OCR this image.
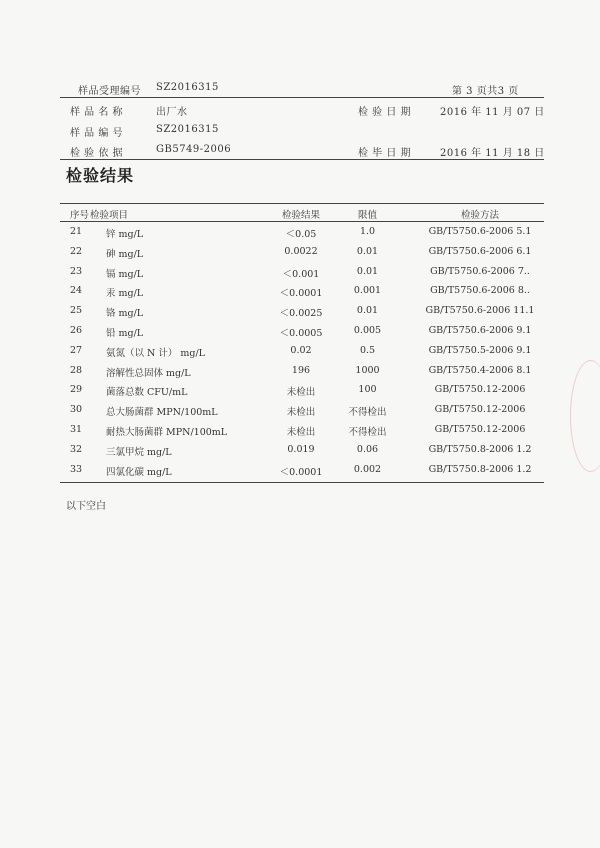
样品受理编号 SZ2016315	第 3 页共3 页
样 品 名 称	出厂水	检 验 日 期	2016 年 11 月 07 日
样 品 编 号	SZ2016315
检 验 依 据	GB5749-2006	检 毕 日 期	2016 年 11 月 18 日
检验结果
序号 检验项目	检验结果	限值	检验方法
21	锌 mg/L	＜0.05	1.0	GB/T5750.6-2006 5.1
22	砷 mg/L	0.0022	0.01	GB/T5750.6-2006 6.1
23	镉 mg/L	＜0.001	0.01	GB/T5750.6-2006 7..
24	汞 mg/L	＜0.0001	0.001	GB/T5750.6-2006 8..
25	铬 mg/L	＜0.0025	0.01	GB/T5750.6-2006 11.1
26	铅 mg/L	＜0.0005	0.005	GB/T5750.6-2006 9.1
27	氨氮（以 N 计） mg/L	0.02	0.5	GB/T5750.5-2006 9.1
28	溶解性总固体 mg/L	196	1000	GB/T5750.4-2006 8.1
29	菌落总数 CFU/mL	未检出	100	GB/T5750.12-2006
30	总大肠菌群 MPN/100mL	未检出	不得检出	GB/T5750.12-2006
31	耐热大肠菌群 MPN/100mL	未检出	不得检出	GB/T5750.12-2006
32	三氯甲烷 mg/L	0.019	0.06	GB/T5750.8-2006 1.2
33	四氯化碳 mg/L	＜0.0001	0.002	GB/T5750.8-2006 1.2
以下空白
